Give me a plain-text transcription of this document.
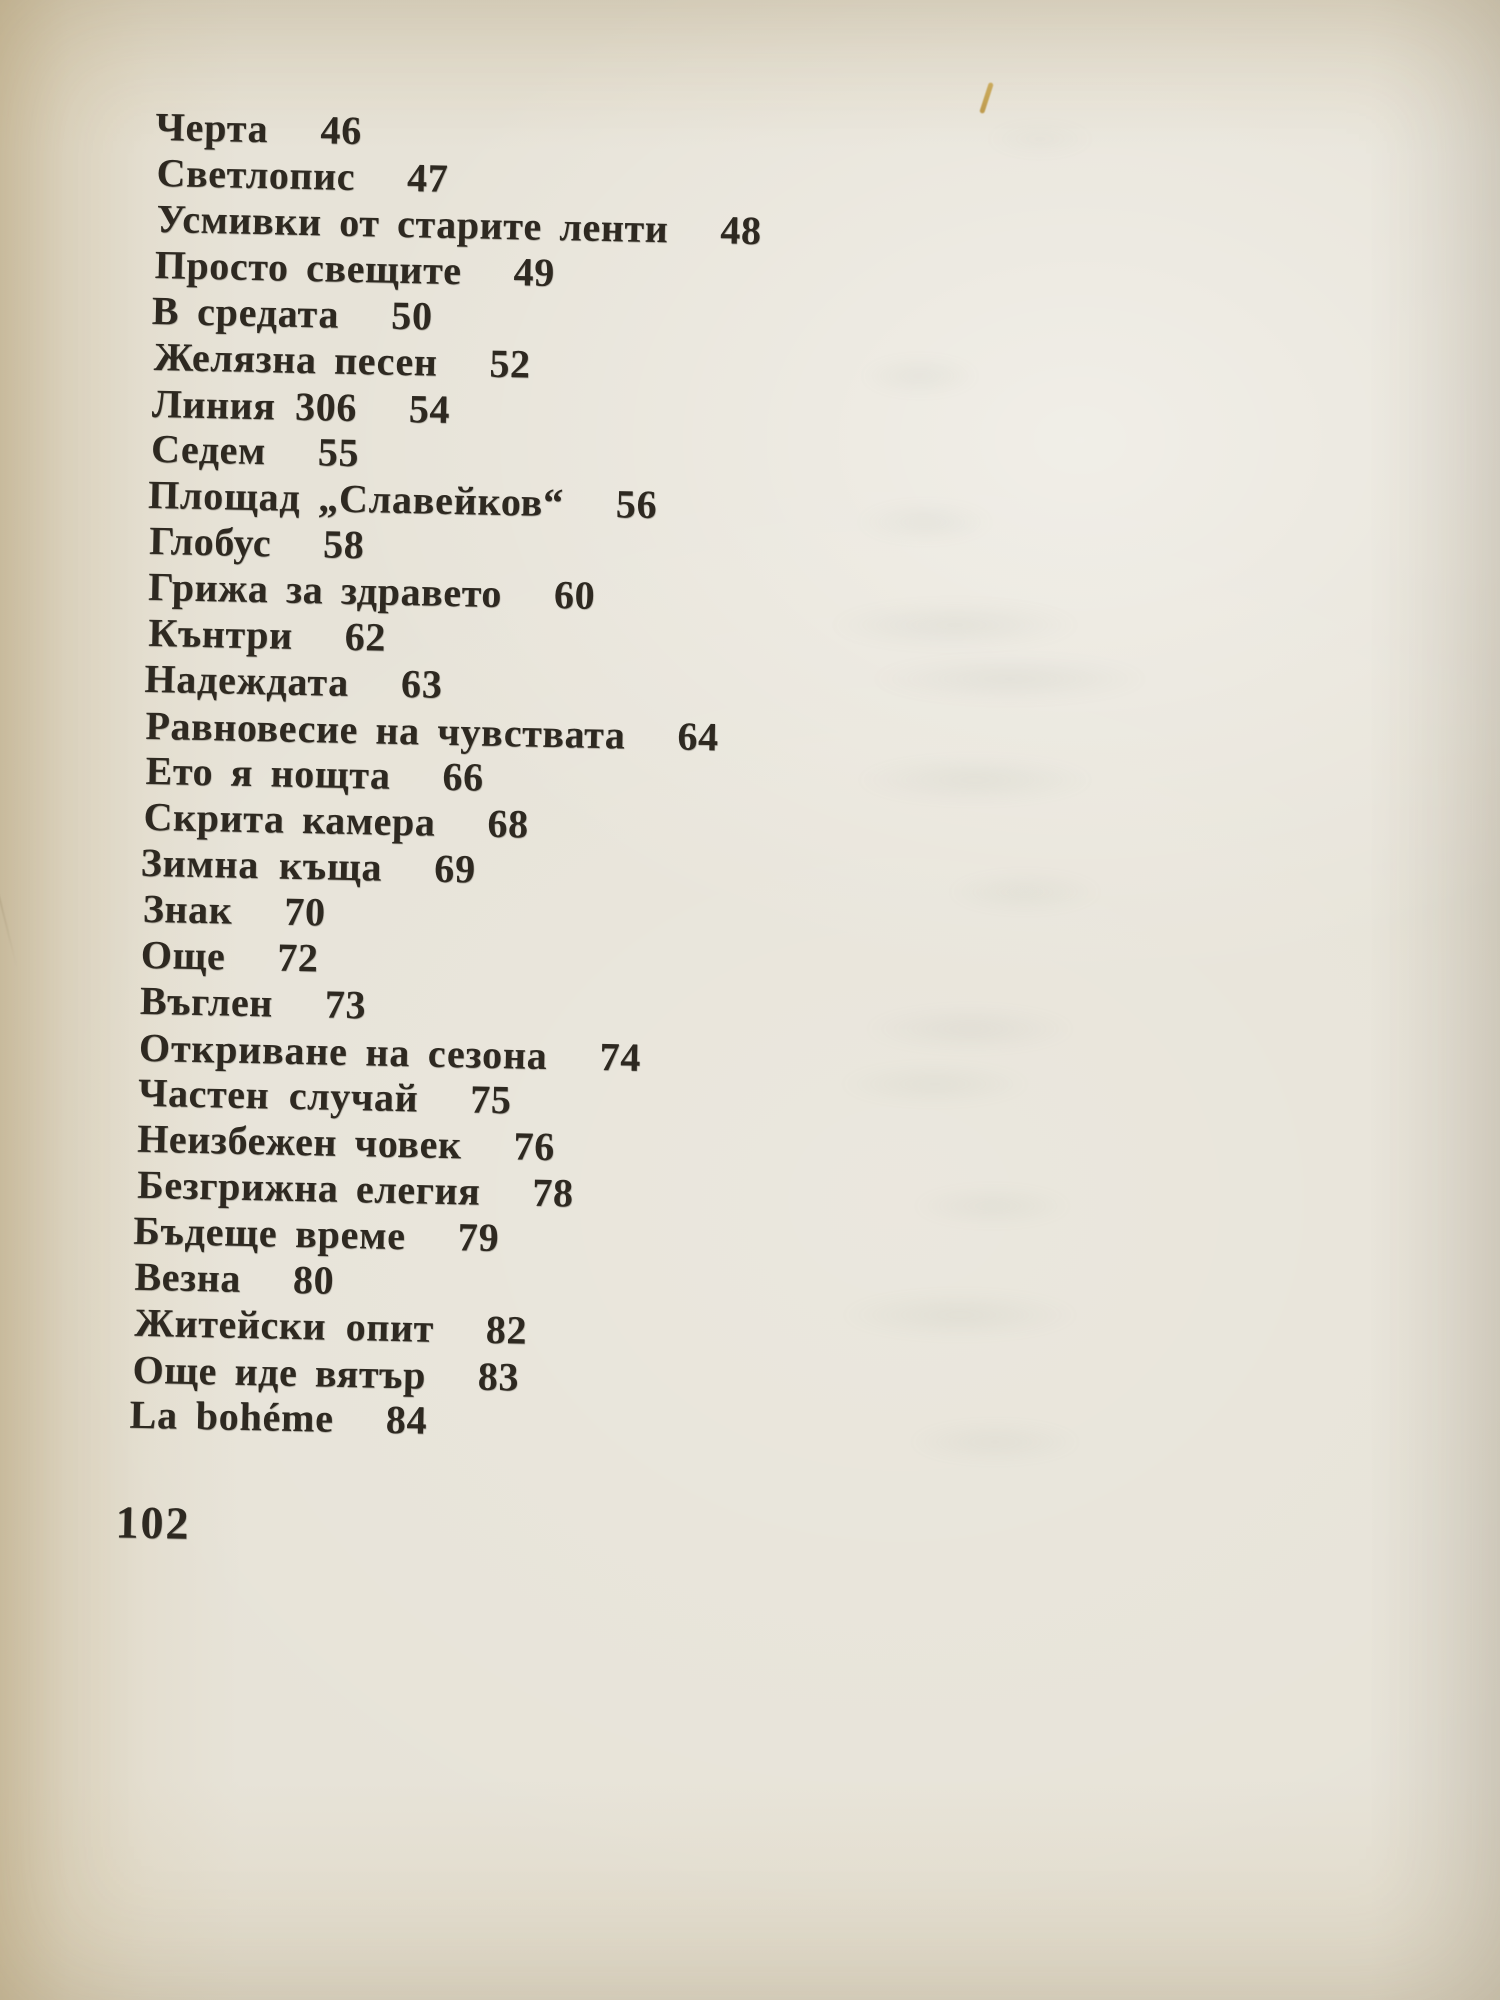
Черта 46
Светлопис 47
Усмивки от старите ленти 48
Просто свещите 49
В средата 50
Желязна песен 52
Линия 306 54
Седем 55
Площад „Славейков“ 56
Глобус 58
Грижа за здравето 60
Кънтри 62
Надеждата 63
Равновесие на чувствата 64
Ето я нощта 66
Скрита камера 68
Зимна къща 69
Знак 70
Още 72
Въглен 73
Откриване на сезона 74
Частен случай 75
Неизбежен човек 76
Безгрижна елегия 78
Бъдеще време 79
Везна 80
Житейски опит 82
Още иде вятър 83
La bohéme 84
102
